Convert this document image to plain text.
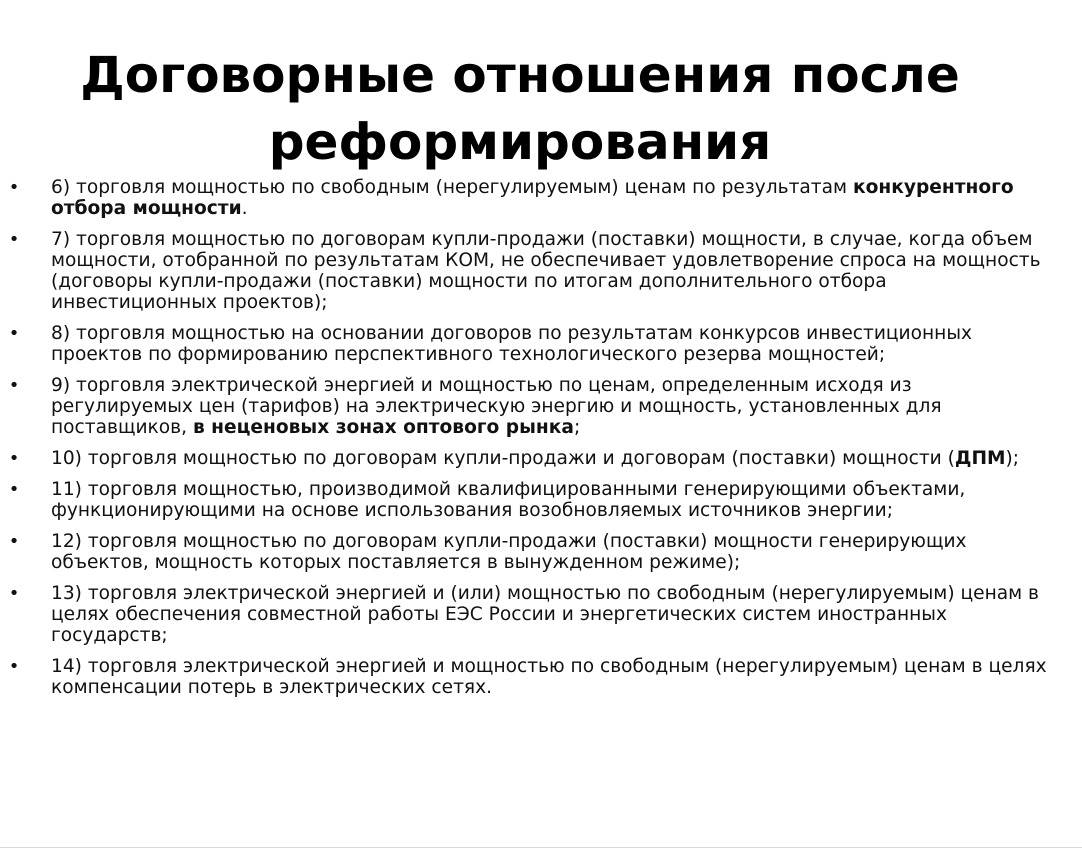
Договорные отношения после
реформирования
• 6) торговля мощностью по свободным (нерегулируемым) ценам по результатам конкурентного отбора мощности.
• 7) торговля мощностью по договорам купли-продажи (поставки) мощности, в случае, когда объем мощности, отобранной по результатам КОМ, не обеспечивает удовлетворение спроса на мощность (договоры купли-продажи (поставки) мощности по итогам дополнительного отбора инвестиционных проектов);
• 8) торговля мощностью на основании договоров по результатам конкурсов инвестиционных проектов по формированию перспективного технологического резерва мощностей;
• 9) торговля электрической энергией и мощностью по ценам, определенным исходя из регулируемых цен (тарифов) на электрическую энергию и мощность, установленных для поставщиков, в неценовых зонах оптового рынка;
• 10) торговля мощностью по договорам купли-продажи и договорам (поставки) мощности (ДПМ);
• 11) торговля мощностью, производимой квалифицированными генерирующими объектами, функционирующими на основе использования возобновляемых источников энергии;
• 12) торговля мощностью по договорам купли-продажи (поставки) мощности генерирующих объектов, мощность которых поставляется в вынужденном режиме);
• 13) торговля электрической энергией и (или) мощностью по свободным (нерегулируемым) ценам в целях обеспечения совместной работы ЕЭС России и энергетических систем иностранных государств;
• 14) торговля электрической энергией и мощностью по свободным (нерегулируемым) ценам в целях компенсации потерь в электрических сетях.
